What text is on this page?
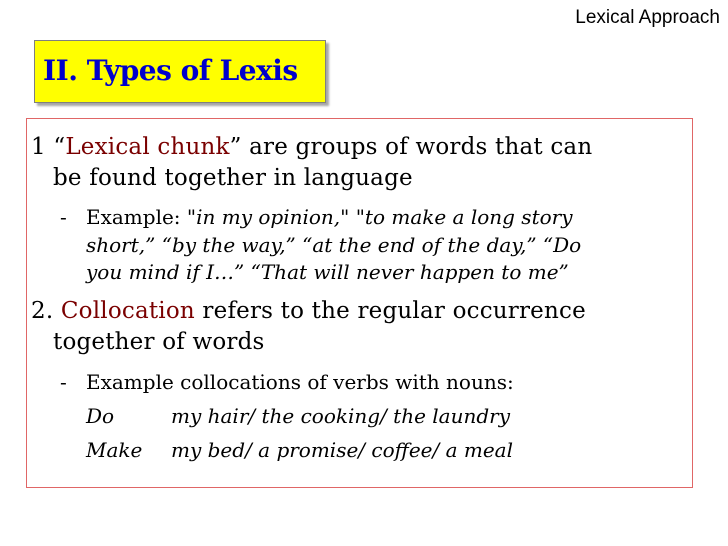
Lexical Approach
II. Types of Lexis
1 “Lexical chunk” are groups of words that can
be found together in language
- Example: "in my opinion," "to make a long story
short,” “by the way,” “at the end of the day,” “Do
you mind if I…” “That will never happen to me”
2. Collocation refers to the regular occurrence
together of words
- Example collocations of verbs with nouns:
Do	my hair/ the cooking/ the laundry
Make my bed/ a promise/ coffee/ a meal
